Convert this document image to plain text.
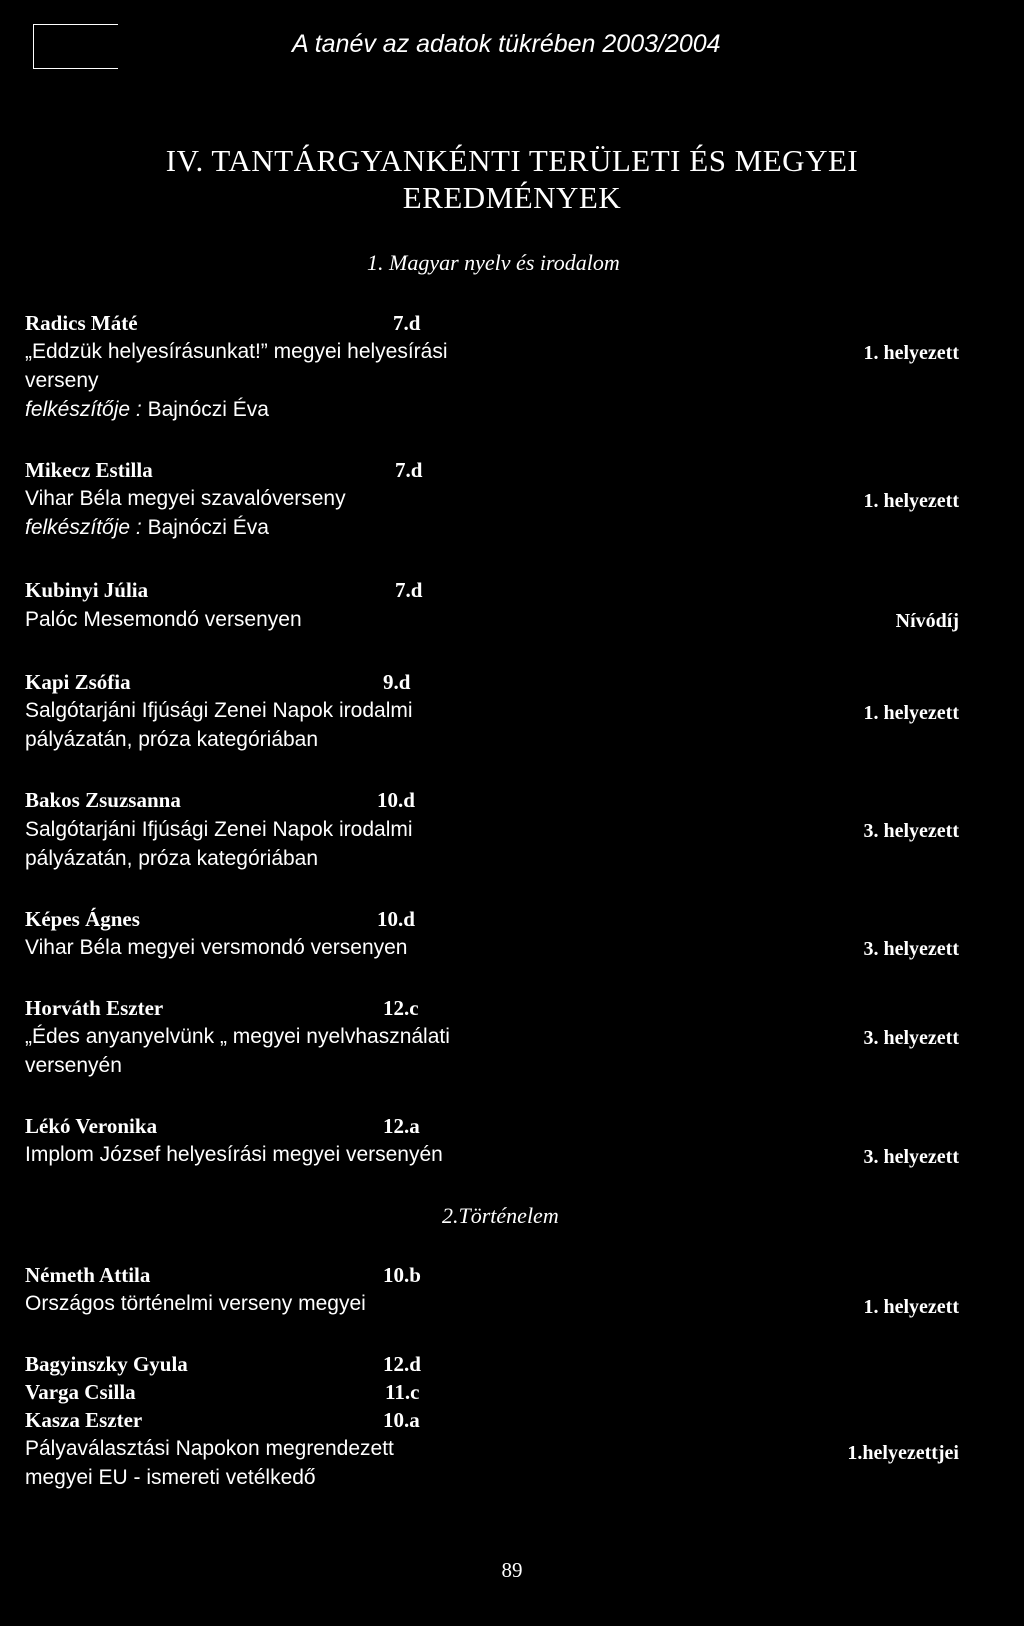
A tanév az adatok tükrében 2003/2004
IV. TANTÁRGYANKÉNTI TERÜLETI ÉS MEGYEI
EREDMÉNYEK
1. Magyar nyelv és irodalom
Radics Máté	7.d
„Eddzük helyesírásunkat!” megyei helyesírási	1. helyezett
verseny
felkészítője : Bajnóczi Éva
Mikecz Estilla	7.d
Vihar Béla megyei szavalóverseny	1. helyezett
felkészítője : Bajnóczi Éva
Kubinyi Júlia	7.d
Palóc Mesemondó versenyen	Nívódíj
Kapi Zsófia	9.d
Salgótarjáni Ifjúsági Zenei Napok irodalmi	1. helyezett
pályázatán, próza kategóriában
Bakos Zsuzsanna	10.d
Salgótarjáni Ifjúsági Zenei Napok irodalmi	3. helyezett
pályázatán, próza kategóriában
Képes Ágnes	10.d
Vihar Béla megyei versmondó versenyen	3. helyezett
Horváth Eszter	12.c
„Édes anyanyelvünk „ megyei nyelvhasználati	3. helyezett
versenyén
Lékó Veronika	12.a
Implom József helyesírási megyei versenyén	3. helyezett
2.Történelem
Németh Attila	10.b
Országos történelmi verseny megyei	1. helyezett
Bagyinszky Gyula	12.d
Varga Csilla	11.c
Kasza Eszter	10.a
Pályaválasztási Napokon megrendezett	1.helyezettjei
megyei EU - ismereti vetélkedő
89
